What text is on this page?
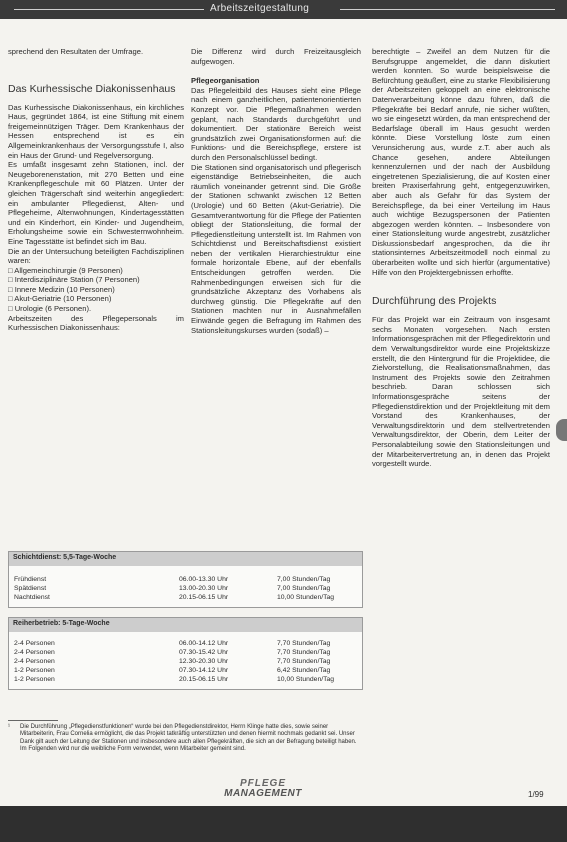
Arbeitszeitgestaltung

sprechend den Resultaten der Umfrage.

Das Kurhessische Diakonissenhaus

Das Kurhessische Diakonissenhaus, ein kirchliches Haus, gegründet 1864, ist eine Stiftung mit einem freigemeinnützigen Träger. Dem Krankenhaus der Hessen entsprechend ist es ein Allgemeinkrankenhaus der Versorgungsstufe I, also ein Haus der Grund- und Regelversorgung.

Es umfaßt insgesamt zehn Stationen, incl. der Neugeborenenstation, mit 270 Betten und eine Krankenpflegeschule mit 60 Plätzen. Unter der gleichen Trägerschaft sind weiterhin angegliedert: ein ambulanter Pflegedienst, Alten- und Pflegeheime, Altenwohnungen, Kindertagesstätten und ein Kinderhort, ein Kinder- und Jugendheim, Erholungsheime sowie ein Schwesternwohnheim. Eine Tagesstätte ist befindet sich im Bau.

Die an der Untersuchung beteiligten Fachdisziplinen waren:

□ Allgemeinchirurgie (9 Personen)
□ Interdisziplinäre Station (7 Personen)
□ Innere Medizin (10 Personen)
□ Akut-Geriatrie (10 Personen)
□ Urologie (6 Personen).

Arbeitszeiten des Pflegepersonals im Kurhessischen Diakonissenhaus:

Die Differenz wird durch Freizeitausgleich aufgewogen.

Pflegeorganisation

Das Pflegeleitbild des Hauses sieht eine Pflege nach einem ganzheitlichen, patientenorientierten Konzept vor. Die Pflegemaßnahmen werden geplant, nach Standards durchgeführt und dokumentiert. Der stationäre Bereich weist grundsätzlich zwei Organisationsformen auf: die Funktions- und die Bereichspflege, erstere ist durch den Personalschlüssel bedingt.

Die Stationen sind organisatorisch und pflegerisch eigenständige Betriebseinheiten, die auch räumlich voneinander getrennt sind. Die Größe der Stationen schwankt zwischen 12 Betten (Urologie) und 60 Betten (Akut-Geriatrie). Die Gesamtverantwortung für die Pflege der Patienten obliegt der Stationsleitung, die formal der Pflegedienstleitung unterstellt ist. Im Rahmen von Schichtdienst und Bereitschaftsdienst existiert neben der vertikalen Hierarchiestruktur eine formale horizontale Ebene, auf der ebenfalls Entscheidungen getroffen werden. Die Rahmenbedingungen erweisen sich für die grundsätzliche Akzeptanz des Vorhabens als durchweg günstig. Die Pflegekräfte auf den Stationen machten nur in Ausnahmefällen Einwände gegen die Befragung im Rahmen des Stationsleitungskurses wurden (sodaß) –

berechtigte – Zweifel an dem Nutzen für die Berufsgruppe angemeldet, die dann diskutiert werden konnten. So wurde beispielsweise die Befürchtung geäußert, eine zu starke Flexibilisierung der Arbeitszeiten gekoppelt an eine elektronische Datenverarbeitung könne dazu führen, daß die Pflegekräfte bei Bedarf anrufe, nie sicher wüßten, wo sie eingesetzt würden, da man entsprechend der Bedarfslage überall im Haus gesucht werden könnte. Diese Vorstellung löste zum einen Verunsicherung aus, wurde z.T. aber auch als Chance gesehen, andere Abteilungen kennenzulernen und der nach der Ausbildung eingetretenen Spezialisierung, die auf Kosten einer breiten Praxiserfahrung geht, entgegenzuwirken, aber auch als Gefahr für das System der Bereichspflege, da bei einer Verteilung im Haus auch wichtige Bezugspersonen der Patienten abgezogen werden könnten. – Insbesondere von einer Stationsleitung wurde angestrebt, zusätzlicher Diskussionsbedarf angesprochen, da die ihr stationsinternes Arbeitszeitmodell noch einmal zu überarbeiten wollte und sich hierfür (argumentative) Hilfe von den Projektergebnissen erhoffte.

Durchführung des Projekts

Für das Projekt war ein Zeitraum von insgesamt sechs Monaten vorgesehen. Nach ersten Informationsgesprächen mit der Pflegedirektorin und dem Verwaltungsdirektor wurde eine Projektskizze erstellt, die den Hintergrund für die Projektidee, die Zielvorstellung, die Realisationsmaßnahmen, das Instrument des Projekts sowie den Zeitrahmen beschrieb. Daran schlossen sich Informationsgespräche seitens der Pflegedienstdirektion und der Projektleitung mit dem Vorstand des Krankenhauses, der Verwaltungsdirektorin und dem stellvertretenden Verwaltungsdirektor, der Oberin, dem Leiter der Personalabteilung sowie den Stationsleitungen und der Mitarbeitervertretung an, in denen das Projekt vorgestellt wurde.

Schichtdienst: 5,5-Tage-Woche
Frühdienst	06.00-13.30 Uhr	7,00 Stunden/Tag
Spätdienst	13.00-20.30 Uhr	7,00 Stunden/Tag
Nachtdienst	20.15-06.15 Uhr	10,00 Stunden/Tag
Reiherbetrieb: 5-Tage-Woche
2-4 Personen	06.00-14.12 Uhr	7,70 Stunden/Tag
2-4 Personen	07.30-15.42 Uhr	7,70 Stunden/Tag
2-4 Personen	12.30-20.30 Uhr	7,70 Stunden/Tag
1-2 Personen	07.30-14.12 Uhr	6,42 Stunden/Tag
1-2 Personen	20.15-06.15 Uhr	10,00 Stunden/Tag
¹	Die Durchführung „Pflegedienstfunktionen“ wurde bei den Pflegedienstdirektor, Herrn Klinge hatte dies, sowie seiner Mitarbeiterin, Frau Cornelia ermöglicht, die das Projekt tatkräftig unterstützten und denen hiermit nochmals gedankt sei. Unser Dank gilt auch der Leitung der Stationen und insbesondere auch allen Pflegekräften, die sich an der Befragung beteiligt haben. Im Folgenden wird nur die weibliche Form verwendet, wenn Mitarbeiter gemeint sind.
PFLEGE
MANAGEMENT	1/99
